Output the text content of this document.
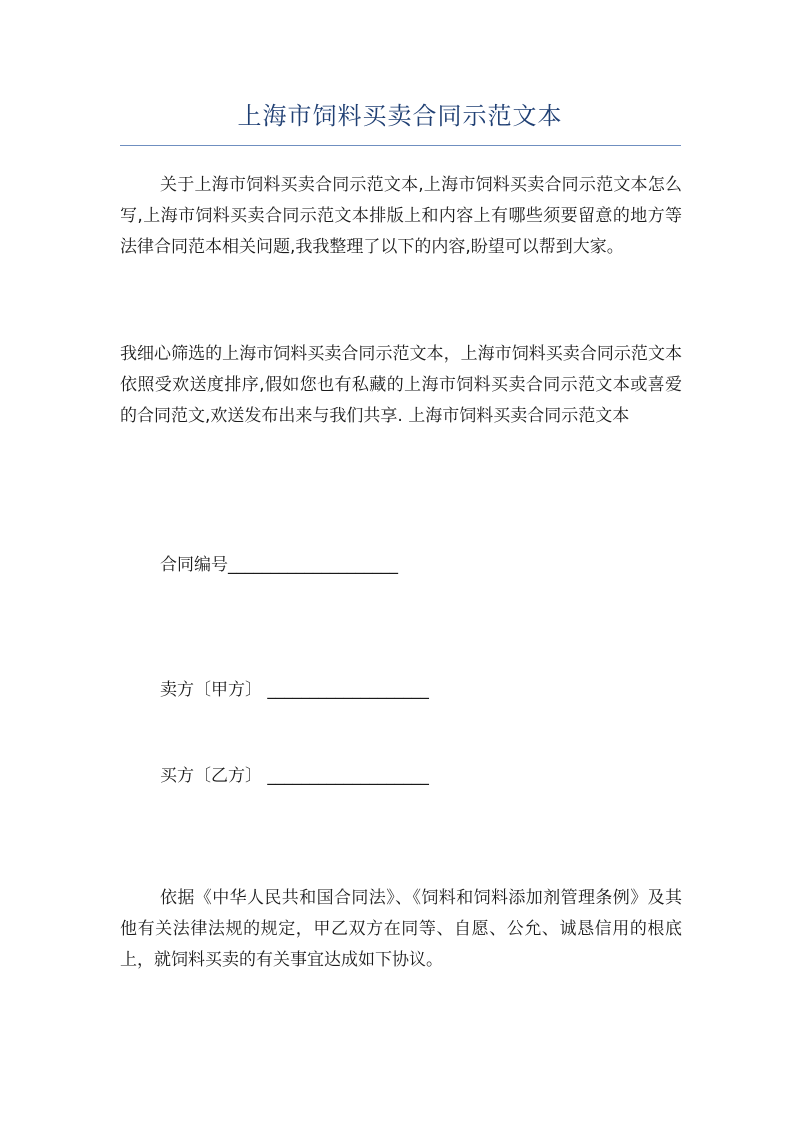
上海市饲料买卖合同示范文本

关于上海市饲料买卖合同示范文本,上海市饲料买卖合同示范文本怎么写,上海市饲料买卖合同示范文本排版上和内容上有哪些须要留意的地方等法律合同范本相关问题,我我整理了以下的内容,盼望可以帮到大家。

我细心筛选的上海市饲料买卖合同示范文本，上海市饲料买卖合同示范文本依照受欢送度排序,假如您也有私藏的上海市饲料买卖合同示范文本或喜爱的合同范文,欢送发布出来与我们共享. 上海市饲料买卖合同示范文本

合同编号____________________
卖方〔甲方〕 ___________________
买方〔乙方〕 ___________________

依据《中华人民共和国合同法》、《饲料和饲料添加剂管理条例》及其他有关法律法规的规定，甲乙双方在同等、自愿、公允、诚恳信用的根底上，就饲料买卖的有关事宜达成如下协议。
